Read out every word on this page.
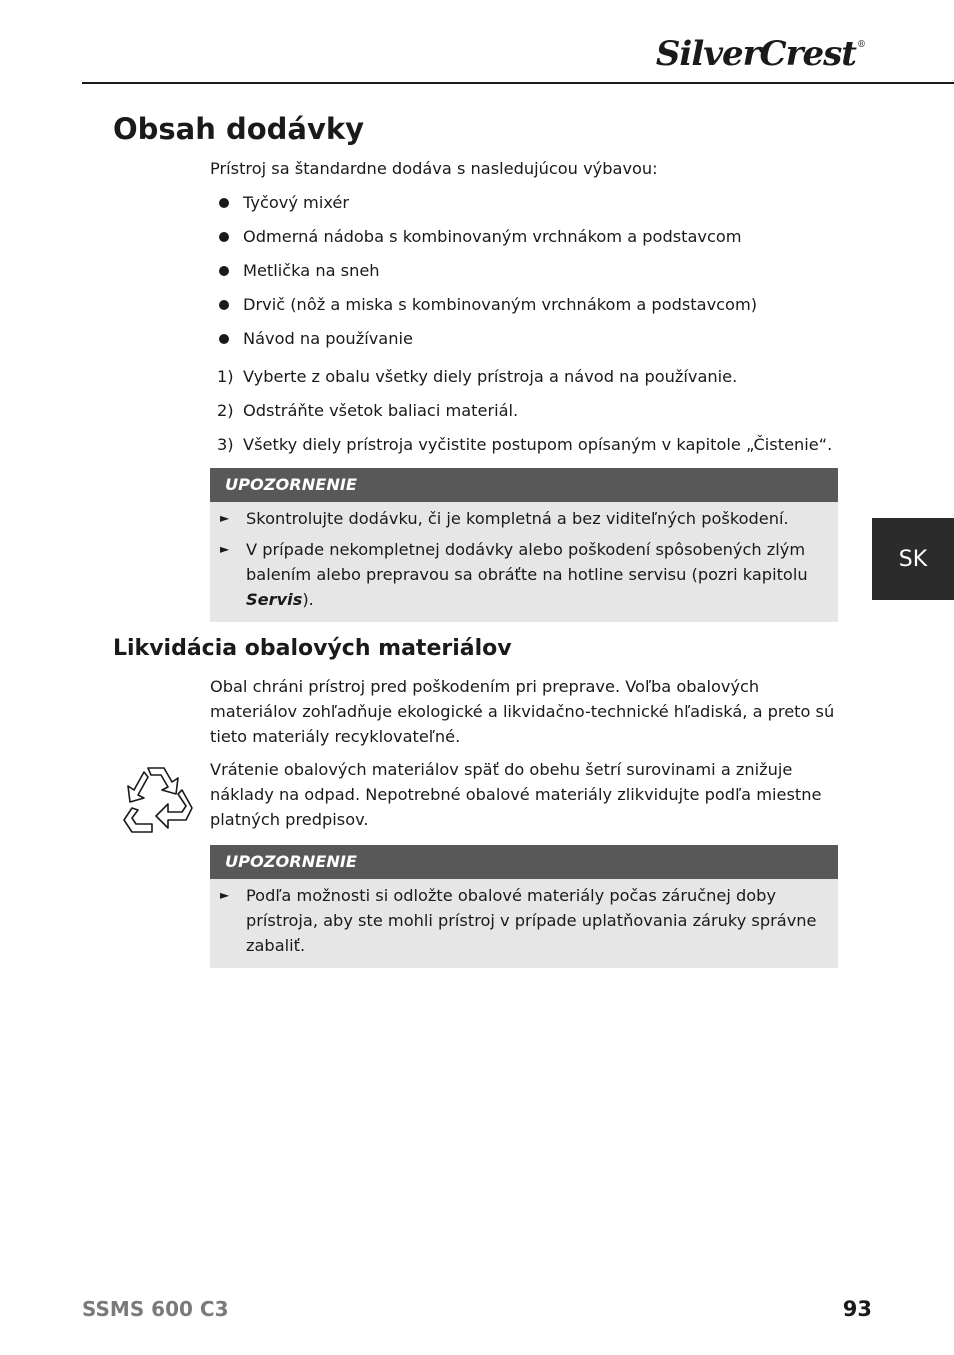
SilverCrest®
Obsah dodávky

Prístroj sa štandardne dodáva s nasledujúcou výbavou:

Tyčový mixér
Odmerná nádoba s kombinovaným vrchnákom a podstavcom
Metlička na sneh
Drvič (nôž a miska s kombinovaným vrchnákom a podstavcom)
Návod na používanie
1) Vyberte z obalu všetky diely prístroja a návod na používanie.
2) Odstráňte všetok baliaci materiál.
3) Všetky diely prístroja vyčistite postupom opísaným v kapitole „Čistenie“.
UPOZORNENIE
► Skontrolujte dodávku, či je kompletná a bez viditeľných poškodení.
► V prípade nekompletnej dodávky alebo poškodení spôsobených zlým balením alebo prepravou sa obráťte na hotline servisu (pozri kapitolu Servis).
Likvidácia obalových materiálov

Obal chráni prístroj pred poškodením pri preprave. Voľba obalových materiálov zohľadňuje ekologické a likvidačno-technické hľadiská, a preto sú tieto materiály recyklovateľné.

Vrátenie obalových materiálov späť do obehu šetrí surovinami a znižuje náklady na odpad. Nepotrebné obalové materiály zlikvidujte podľa miestne platných predpisov.

UPOZORNENIE
► Podľa možnosti si odložte obalové materiály počas záručnej doby prístroja, aby ste mohli prístroj v prípade uplatňovania záruky správne zabaliť.
SK
SSMS 600 C3	93
